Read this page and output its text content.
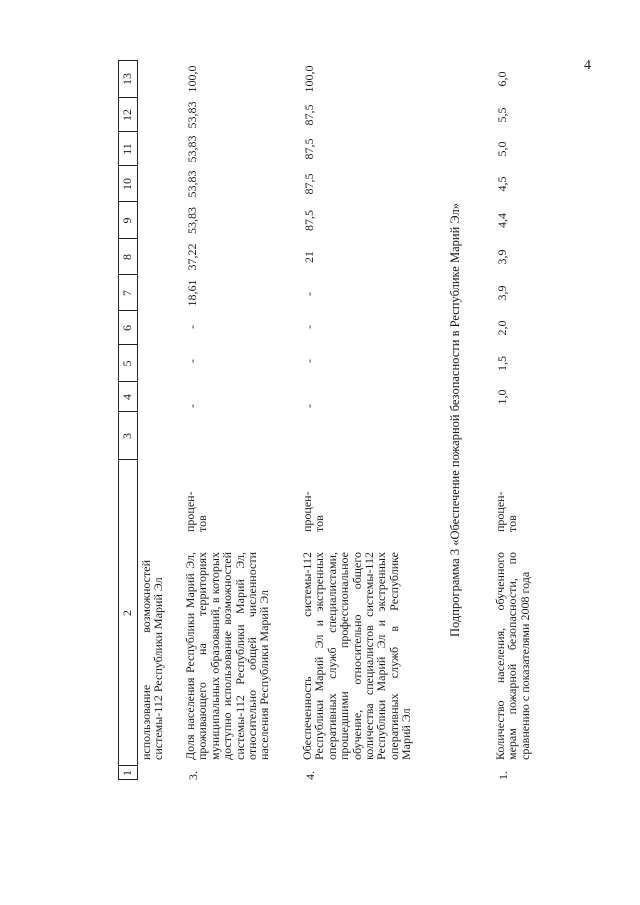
4
1
2
3
4
5
6
7
8
9
10
11
12
13
использование возможностей системы-112 Республики Марий Эл
3.
Доля населения Республики Марий Эл, проживающего на территориях муниципальных образований, в которых доступно использование возможностей системы-112 Республики Марий Эл, относительно общей численности населения Республики Марий Эл
процен-тов
-
-
-
18,61
37,22
53,83
53,83
53,83
53,83
100,0
4.
Обеспеченность системы-112 Республики Марий Эл и экстренных оперативных служб специалистами, прошедшими профессиональное обучение, относительно общего количества специалистов системы-112 Республики Марий Эл и экстренных оперативных служб в Республике Марий Эл
процен-тов
-
-
-
-
21
87,5
87,5
87,5
87,5
100,0
Подпрограмма 3 «Обеспечение пожарной безопасности в Республике Марий Эл»
1.
Количество населения, обученного мерам пожарной безопасности, по сравнению с показателями 2008 года
процен-тов
1,0
1,5
2,0
3,9
3,9
4,4
4,5
5,0
5,5
6,0
